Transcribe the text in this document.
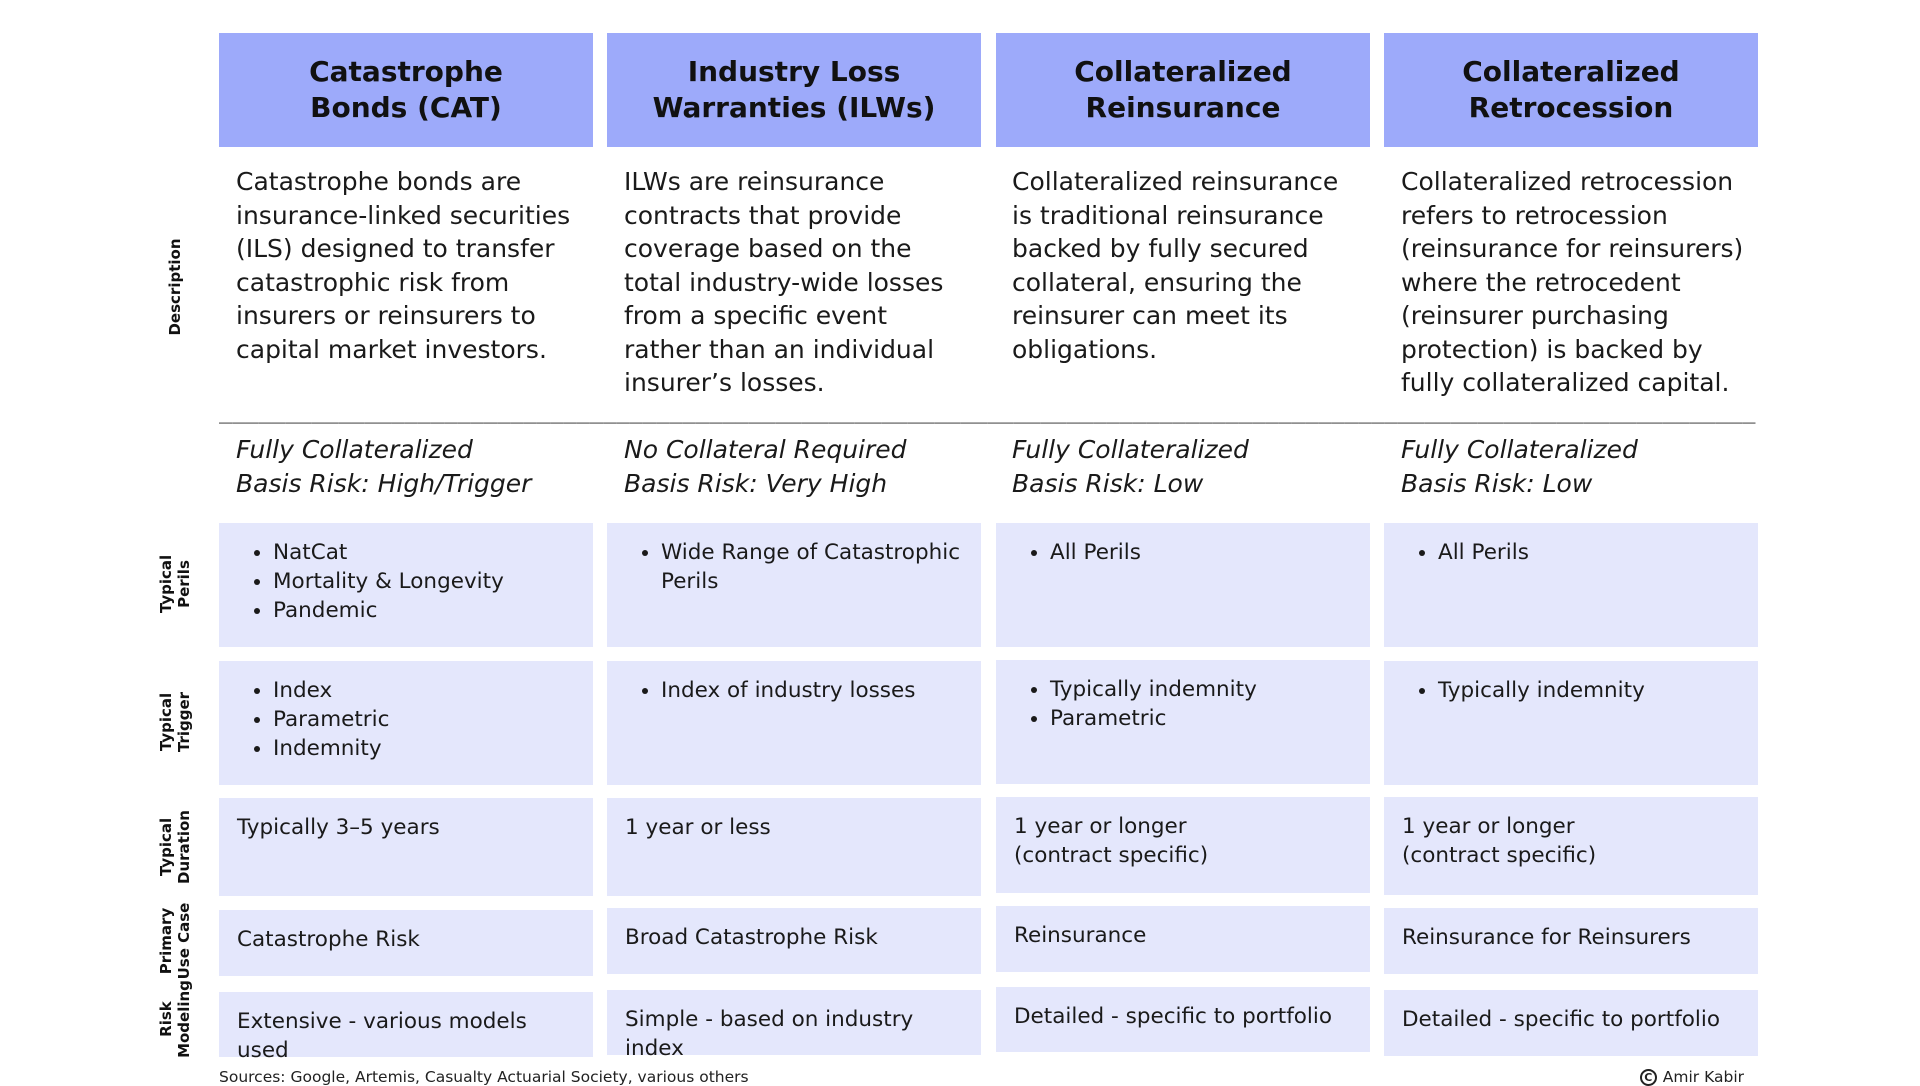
Description
Typical Perils
Typical Trigger
Typical Duration
Primary Use Case
Risk Modeling
Catastrophe
Bonds (CAT)
Catastrophe bonds are insurance-linked securities (ILS) designed to transfer catastrophic risk from insurers or reinsurers to capital market investors.
Fully Collateralized
Basis Risk: High/Trigger
• NatCat
• Mortality & Longevity
• Pandemic
• Index
• Parametric
• Indemnity
Typically 3–5 years
Catastrophe Risk
Extensive - various models used
Industry Loss
Warranties (ILWs)
ILWs are reinsurance contracts that provide coverage based on the total industry-wide losses from a specific event rather than an individual insurer’s losses.
No Collateral Required
Basis Risk: Very High
• Wide Range of Catastrophic Perils
• Index of industry losses
1 year or less
Broad Catastrophe Risk
Simple - based on industry index
Collateralized
Reinsurance
Collateralized reinsurance is traditional reinsurance backed by fully secured collateral, ensuring the reinsurer can meet its obligations.
Fully Collateralized
Basis Risk: Low
• All Perils
• Typically indemnity
• Parametric
1 year or longer
(contract specific)
Reinsurance
Detailed - specific to portfolio
Collateralized
Retrocession
Collateralized retrocession refers to retrocession (reinsurance for reinsurers) where the retrocedent (reinsurer purchasing protection) is backed by fully collateralized capital.
Fully Collateralized
Basis Risk: Low
• All Perils
• Typically indemnity
1 year or longer
(contract specific)
Reinsurance for Reinsurers
Detailed - specific to portfolio
____________________________________________________________________________________________________________________
Sources: Google, Artemis, Casualty Actuarial Society, various others	C Amir Kabir
